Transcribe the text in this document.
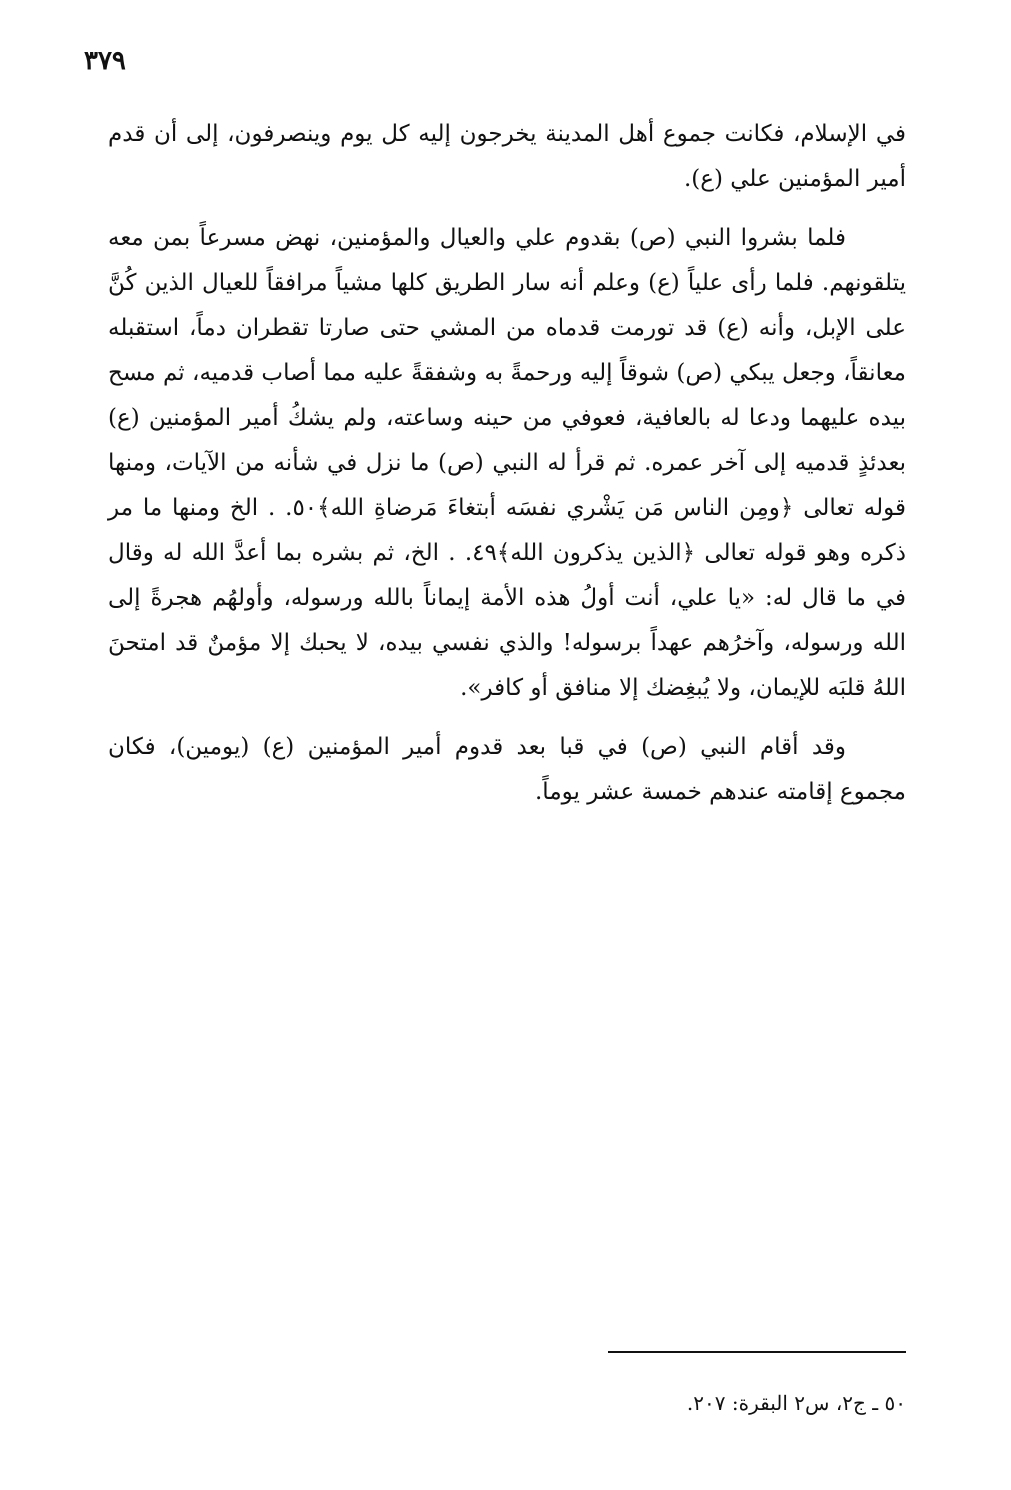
٣٧٩

في الإسلام، فكانت جموع أهل المدينة يخرجون إليه كل يوم وينصرفون، إلى أن قدم أمير المؤمنين علي (ع).

فلما بشروا النبي (ص) بقدوم علي والعيال والمؤمنين، نهض مسرعاً بمن معه يتلقونهم. فلما رأى علياً (ع) وعلم أنه سار الطريق كلها مشياً مرافقاً للعيال الذين كُنَّ على الإبل، وأنه (ع) قد تورمت قدماه من المشي حتى صارتا تقطران دماً، استقبله معانقاً، وجعل يبكي (ص) شوقاً إليه ورحمةً به وشفقةً عليه مما أصاب قدميه، ثم مسح بيده عليهما ودعا له بالعافية، فعوفي من حينه وساعته، ولم يشكُ أمير المؤمنين (ع) بعدئذٍ قدميه إلى آخر عمره. ثم قرأ له النبي (ص) ما نزل في شأنه من الآيات، ومنها قوله تعالى ﴿ومِن الناس مَن يَشْري نفسَه أبتغاءَ مَرضاةِ الله﴾٥٠. . الخ ومنها ما مر ذكره وهو قوله تعالى ﴿الذين يذكرون الله﴾٤٩. . الخ، ثم بشره بما أعدَّ الله له وقال في ما قال له: «يا علي، أنت أولُ هذه الأمة إيماناً بالله ورسوله، وأولهُم هجرةً إلى الله ورسوله، وآخرُهم عهداً برسوله! والذي نفسي بيده، لا يحبك إلا مؤمنٌ قد امتحنَ اللهُ قلبَه للإيمان، ولا يُبغِضك إلا منافق أو كافر».

وقد أقام النبي (ص) في قبا بعد قدوم أمير المؤمنين (ع) (يومين)، فكان مجموع إقامته عندهم خمسة عشر يوماً.

٥٠ ـ ج٢، س٢ البقرة: ٢٠٧.
